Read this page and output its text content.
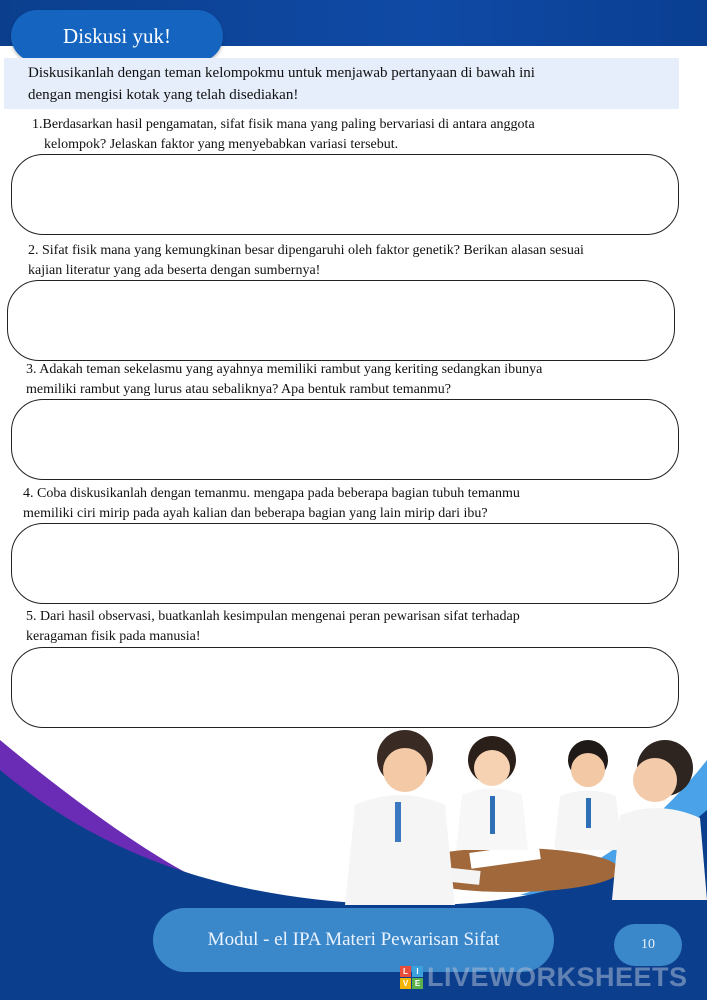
Diskusi yuk!
Diskusikanlah dengan teman kelompokmu untuk menjawab pertanyaan di bawah ini
dengan mengisi kotak yang telah disediakan!
1.Berdasarkan hasil pengamatan, sifat fisik mana yang paling bervariasi di antara anggota
kelompok? Jelaskan faktor yang menyebabkan variasi tersebut.
2. Sifat fisik mana yang kemungkinan besar dipengaruhi oleh faktor genetik? Berikan alasan sesuai
kajian literatur yang ada beserta dengan sumbernya!
3. Adakah teman sekelasmu yang ayahnya memiliki rambut yang keriting sedangkan ibunya
memiliki rambut yang lurus atau sebaliknya? Apa bentuk rambut temanmu?
4. Coba diskusikanlah dengan temanmu. mengapa pada beberapa bagian tubuh temanmu
memiliki ciri mirip pada ayah kalian dan beberapa bagian yang lain mirip dari ibu?
5. Dari hasil observasi, buatkanlah kesimpulan mengenai peran pewarisan sifat terhadap
keragaman fisik pada manusia!
Modul - el IPA Materi Pewarisan Sifat	10
L	I
V E LIVEWORKSHEETS
